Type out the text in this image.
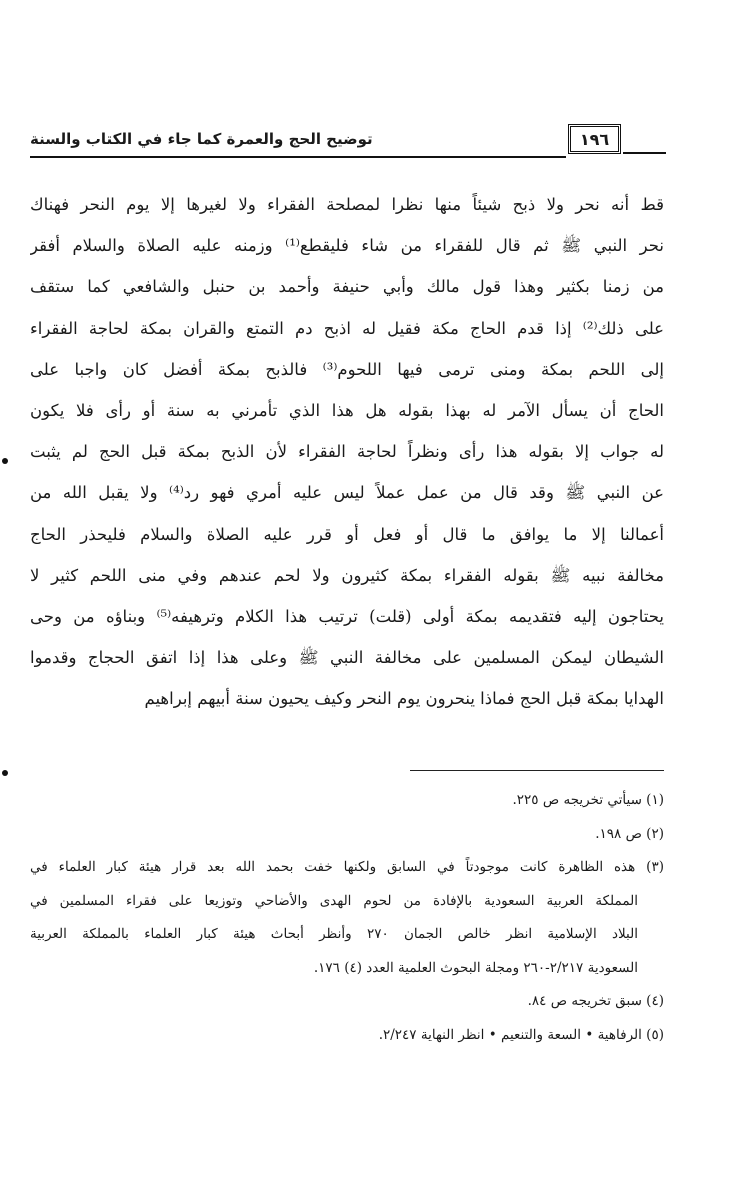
١٩٦
توضيح الحج والعمرة كما جاء في الكتاب والسنة
قط أنه نحر ولا ذبح شيئاً منها نظرا لمصلحة الفقراء ولا لغيرها إلا يوم النحر فهناك
نحر النبي ﷺ ثم قال للفقراء من شاء فليقطع⁽¹⁾ وزمنه عليه الصلاة والسلام أفقر
من زمنا بكثير وهذا قول مالك وأبي حنيفة وأحمد بن حنبل والشافعي كما ستقف
على ذلك⁽²⁾ إذا قدم الحاج مكة فقيل له اذبح دم التمتع والقران بمكة لحاجة الفقراء
إلى اللحم بمكة ومنى ترمى فيها اللحوم⁽³⁾ فالذبح بمكة أفضل كان واجبا على
الحاج أن يسأل الآمر له بهذا بقوله هل هذا الذي تأمرني به سنة أو رأى فلا يكون
له جواب إلا بقوله هذا رأى ونظراً لحاجة الفقراء لأن الذبح بمكة قبل الحج لم يثبت
عن النبي ﷺ وقد قال من عمل عملاً ليس عليه أمري فهو رد⁽⁴⁾ ولا يقبل الله من
أعمالنا إلا ما يوافق ما قال أو فعل أو قرر عليه الصلاة والسلام فليحذر الحاج
مخالفة نبيه ﷺ بقوله الفقراء بمكة كثيرون ولا لحم عندهم وفي منى اللحم كثير لا
يحتاجون إليه فتقديمه بمكة أولى (قلت) ترتيب هذا الكلام وترهيفه⁽⁵⁾ وبناؤه من وحى
الشيطان ليمكن المسلمين على مخالفة النبي ﷺ وعلى هذا إذا اتفق الحجاج وقدموا
الهدايا بمكة قبل الحج فماذا ينحرون يوم النحر وكيف يحيون سنة أبيهم إبراهيم
(١) سيأتي تخريجه ص ٢٢٥.
(٢) ص ١٩٨.
(٣) هذه الظاهرة كانت موجودتاً في السابق ولكنها خفت بحمد الله بعد قرار هيئة كبار العلماء في
المملكة العربية السعودية بالإفادة من لحوم الهدى والأضاحي وتوزيعا على فقراء المسلمين في
البلاد الإسلامية انظر خالص الجمان ٢٧٠ وأنظر أبحاث هيئة كبار العلماء بالمملكة العربية
السعودية ٢/٢١٧-٢٦٠ ومجلة البحوث العلمية العدد (٤) ١٧٦.
(٤) سبق تخريجه ص ٨٤.
(٥) الرفاهية • السعة والتنعيم • انظر النهاية ٢/٢٤٧.
